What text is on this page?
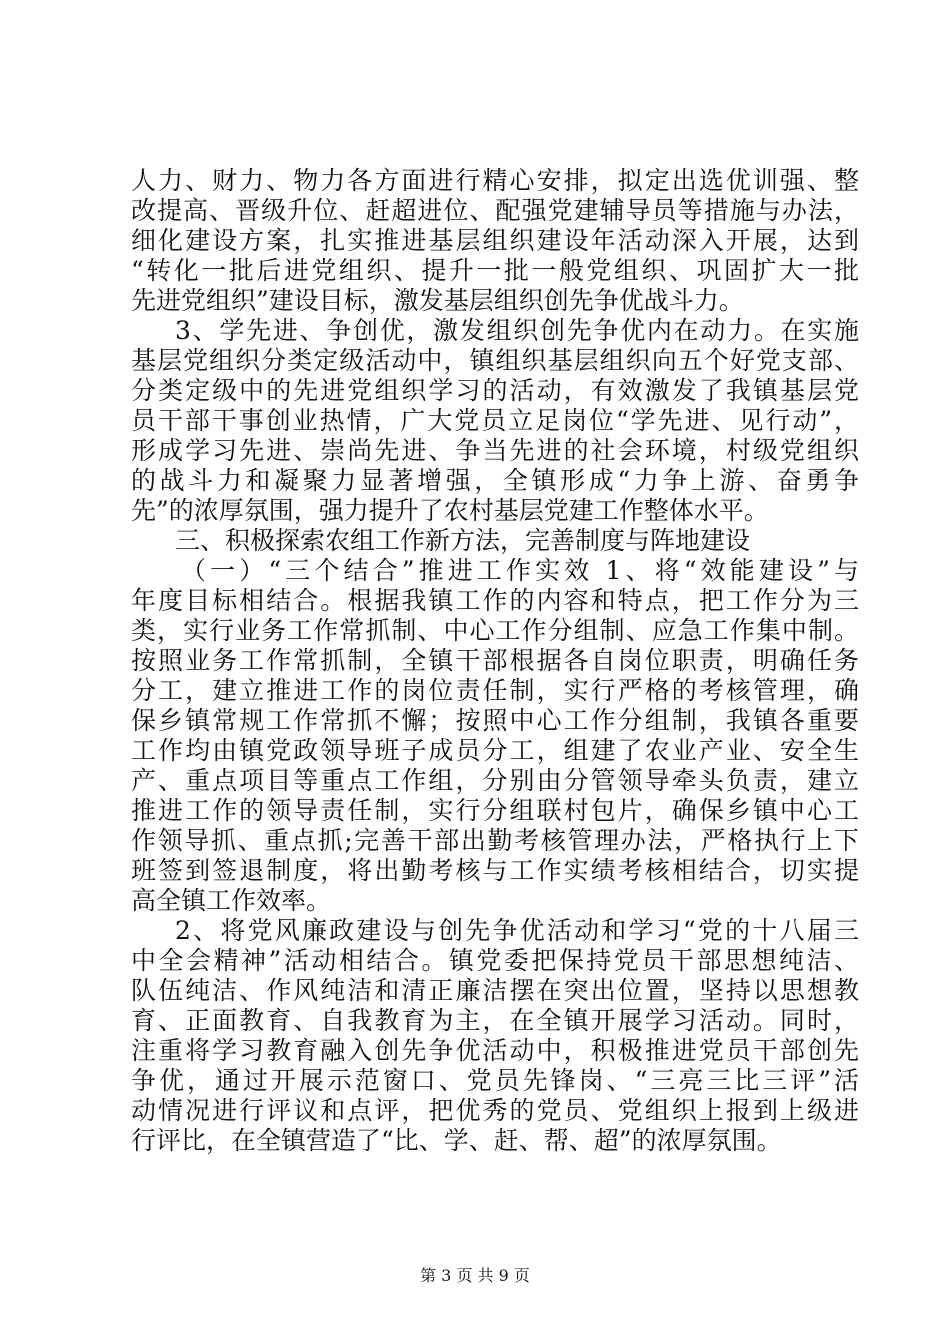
人力、财力、物力各方面进行精心安排，拟定出选优训强、整
改提高、晋级升位、赶超进位、配强党建辅导员等措施与办法，
细化建设方案，扎实推进基层组织建设年活动深入开展，达到
“转化一批后进党组织、提升一批一般党组织、巩固扩大一批
先进党组织”建设目标，激发基层组织创先争优战斗力。
3、学先进、争创优，激发组织创先争优内在动力。在实施
基层党组织分类定级活动中，镇组织基层组织向五个好党支部、
分类定级中的先进党组织学习的活动，有效激发了我镇基层党
员干部干事创业热情，广大党员立足岗位“学先进、见行动”，
形成学习先进、崇尚先进、争当先进的社会环境，村级党组织
的战斗力和凝聚力显著增强，全镇形成“力争上游、奋勇争
先”的浓厚氛围，强力提升了农村基层党建工作整体水平。
三、积极探索农组工作新方法，完善制度与阵地建设
（一）“三个结合”推进工作实效 1、将“效能建设”与
年度目标相结合。根据我镇工作的内容和特点，把工作分为三
类，实行业务工作常抓制、中心工作分组制、应急工作集中制。
按照业务工作常抓制，全镇干部根据各自岗位职责，明确任务
分工，建立推进工作的岗位责任制，实行严格的考核管理，确
保乡镇常规工作常抓不懈；按照中心工作分组制，我镇各重要
工作均由镇党政领导班子成员分工，组建了农业产业、安全生
产、重点项目等重点工作组，分别由分管领导牵头负责，建立
推进工作的领导责任制，实行分组联村包片，确保乡镇中心工
作领导抓、重点抓;完善干部出勤考核管理办法，严格执行上下
班签到签退制度，将出勤考核与工作实绩考核相结合，切实提
高全镇工作效率。
2、将党风廉政建设与创先争优活动和学习“党的十八届三
中全会精神”活动相结合。镇党委把保持党员干部思想纯洁、
队伍纯洁、作风纯洁和清正廉洁摆在突出位置，坚持以思想教
育、正面教育、自我教育为主，在全镇开展学习活动。同时，
注重将学习教育融入创先争优活动中，积极推进党员干部创先
争优，通过开展示范窗口、党员先锋岗、“三亮三比三评”活
动情况进行评议和点评，把优秀的党员、党组织上报到上级进
行评比，在全镇营造了“比、学、赶、帮、超”的浓厚氛围。
第 3 页 共 9 页
